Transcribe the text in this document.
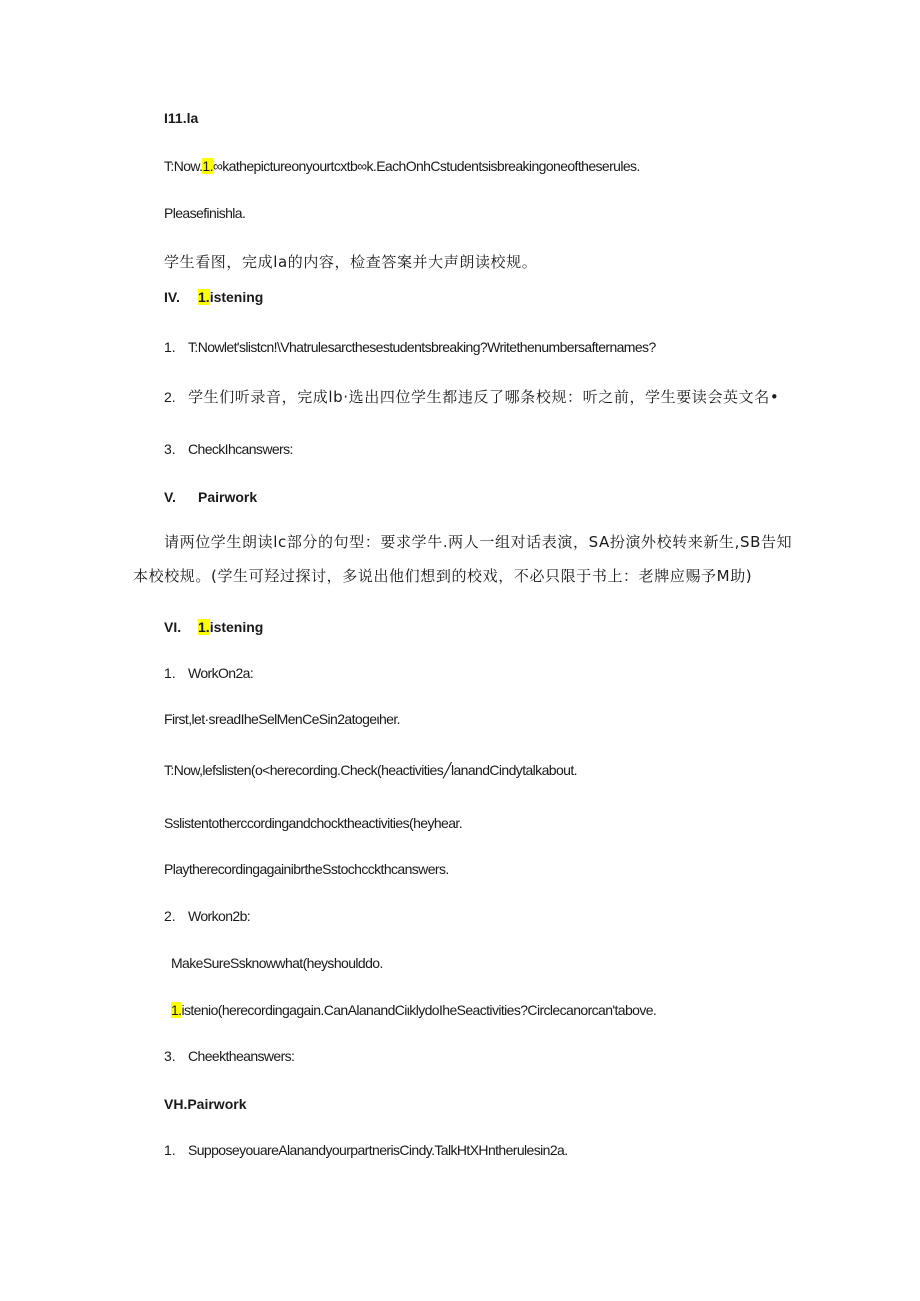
I11.la
T:Now.1.∞kathepictureonyourtcxtb∞k.EachOnhCstudentsisbreakingoneoftheserules.
Pleasefinishla.
学生看图，完成la的内容，检查答案并大声朗读校规。
IV. 1.istening
1. T:Nowlet'slistcn!\Vhatrulesarcthesestudentsbreaking?Writethenumbersafternames?
2. 学生们听录音，完成lb·选出四位学生都违反了哪条校规：听之前，学生要读会英文名•
3. CheckIhcanswers:
V. Pairwork
请两位学生朗读lc部分的句型：要求学牛.两人一组对话表演，SA扮演外校转来新生,SB告知
本校校规。(学生可羟过探讨，多说出他们想到的校戏，不必只限于书上：老牌应赐予M助)
VI. 1.istening
1. WorkOn2a:
First,let·sreadIheSelMenCeSin2atogeιher.
T:Now,lefslisten(o<herecording.Check(heactivities╱lanandCindytalkabout.
Sslistentotherccordingandchocktheactivities(heyhear.
PlaytherecordingagainibrtheSstochcckthcanswers.
2. Workon2b:
MakeSureSsknowwhat(heyshoulddo.
1.istenio(herecordingagain.CanAlanandCiιklydoIheSeactivities?Circlecanorcan'tabove.
3. Cheektheanswers:
VH.Pairwork
1. SupposeyouareAlanandyourpartnerisCindy.TalkHtXHntherulesin2a.
